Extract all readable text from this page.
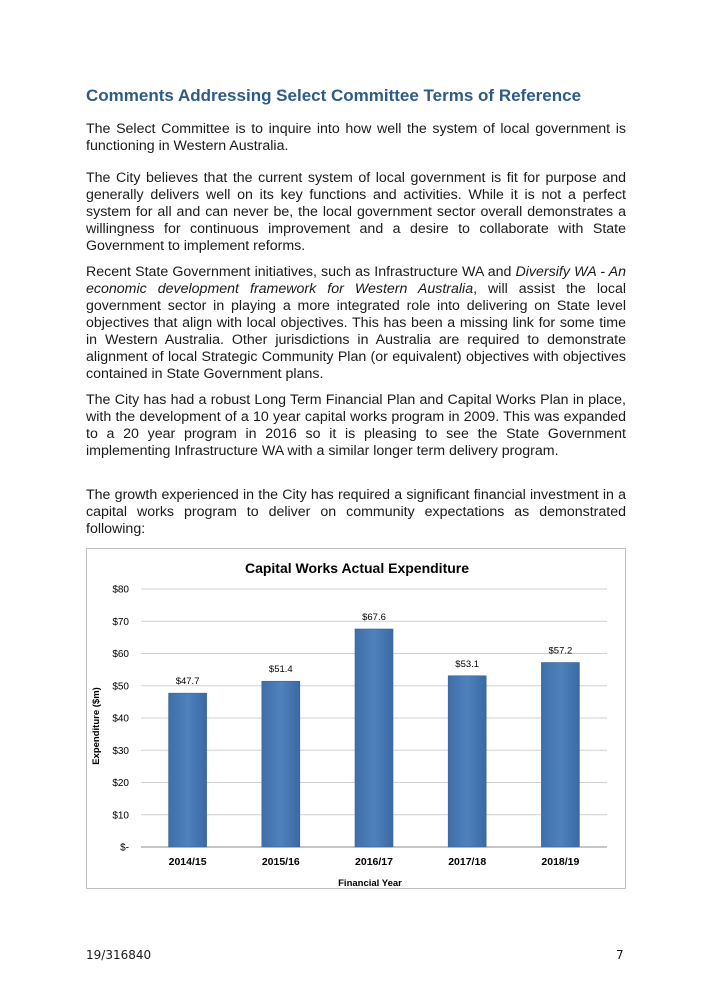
Comments Addressing Select Committee Terms of Reference

The Select Committee is to inquire into how well the system of local government is functioning in Western Australia.

The City believes that the current system of local government is fit for purpose and generally delivers well on its key functions and activities. While it is not a perfect system for all and can never be, the local government sector overall demonstrates a willingness for continuous improvement and a desire to collaborate with State Government to implement reforms.

Recent State Government initiatives, such as Infrastructure WA and Diversify WA - An economic development framework for Western Australia, will assist the local government sector in playing a more integrated role into delivering on State level objectives that align with local objectives. This has been a missing link for some time in Western Australia. Other jurisdictions in Australia are required to demonstrate alignment of local Strategic Community Plan (or equivalent) objectives with objectives contained in State Government plans.

The City has had a robust Long Term Financial Plan and Capital Works Plan in place, with the development of a 10 year capital works program in 2009. This was expanded to a 20 year program in 2016 so it is pleasing to see the State Government implementing Infrastructure WA with a similar longer term delivery program.

The growth experienced in the City has required a significant financial investment in a capital works program to deliver on community expectations as demonstrated following:

Capital Works Actual Expenditure
Financial Year
Expenditure ($m)
$-
$10
$20
$30
$40
$50
$60
$70
$80
2014/15	2015/16	2016/17	2017/18	2018/19
$47.7
$51.4
$67.6
$53.1
$57.2
19/316840	7
